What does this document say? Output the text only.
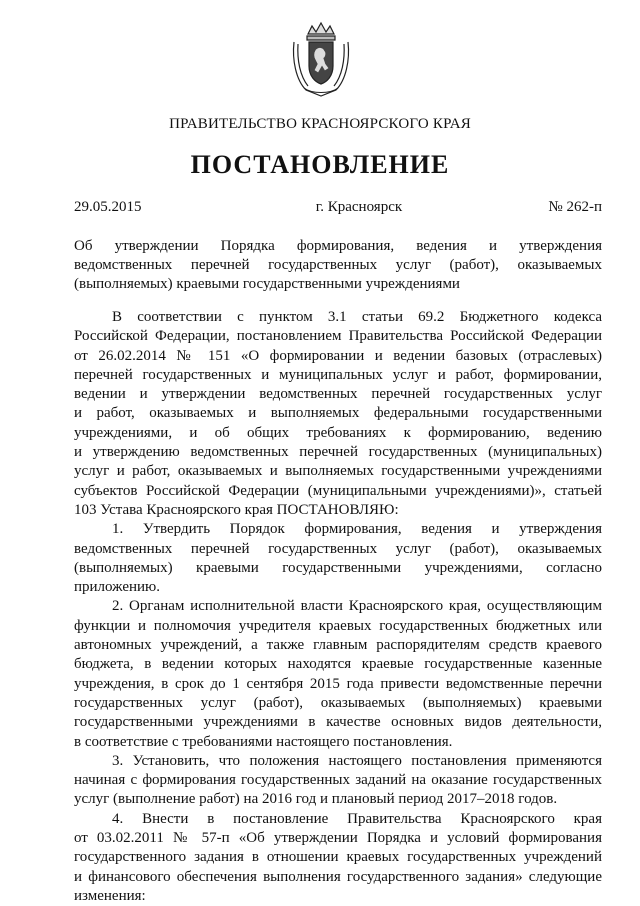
ПРАВИТЕЛЬСТВО КРАСНОЯРСКОГО КРАЯ
ПОСТАНОВЛЕНИЕ
29.05.2015	г. Красноярск	№ 262-п
Об утверждении Порядка формирования, ведения и утверждения
ведомственных перечней государственных услуг (работ), оказываемых
(выполняемых) краевыми государственными учреждениями
В соответствии с пунктом 3.1 статьи 69.2 Бюджетного кодекса
Российской Федерации, постановлением Правительства Российской Федерации
от 26.02.2014 № 151 «О формировании и ведении базовых (отраслевых)
перечней государственных и муниципальных услуг и работ, формировании,
ведении и утверждении ведомственных перечней государственных услуг
и работ, оказываемых и выполняемых федеральными государственными
учреждениями, и об общих требованиях к формированию, ведению
и утверждению ведомственных перечней государственных (муниципальных)
услуг и работ, оказываемых и выполняемых государственными учреждениями
субъектов Российской Федерации (муниципальными учреждениями)», статьей
103 Устава Красноярского края ПОСТАНОВЛЯЮ:
1. Утвердить Порядок формирования, ведения и утверждения
ведомственных перечней государственных услуг (работ), оказываемых
(выполняемых) краевыми государственными учреждениями, согласно
приложению.
2. Органам исполнительной власти Красноярского края, осуществляющим
функции и полномочия учредителя краевых государственных бюджетных или
автономных учреждений, а также главным распорядителям средств краевого
бюджета, в ведении которых находятся краевые государственные казенные
учреждения, в срок до 1 сентября 2015 года привести ведомственные перечни
государственных услуг (работ), оказываемых (выполняемых) краевыми
государственными учреждениями в качестве основных видов деятельности,
в соответствие с требованиями настоящего постановления.
3. Установить, что положения настоящего постановления применяются
начиная с формирования государственных заданий на оказание государственных
услуг (выполнение работ) на 2016 год и плановый период 2017–2018 годов.
4. Внести в постановление Правительства Красноярского края
от 03.02.2011 № 57-п «Об утверждении Порядка и условий формирования
государственного задания в отношении краевых государственных учреждений
и финансового обеспечения выполнения государственного задания» следующие
изменения:
